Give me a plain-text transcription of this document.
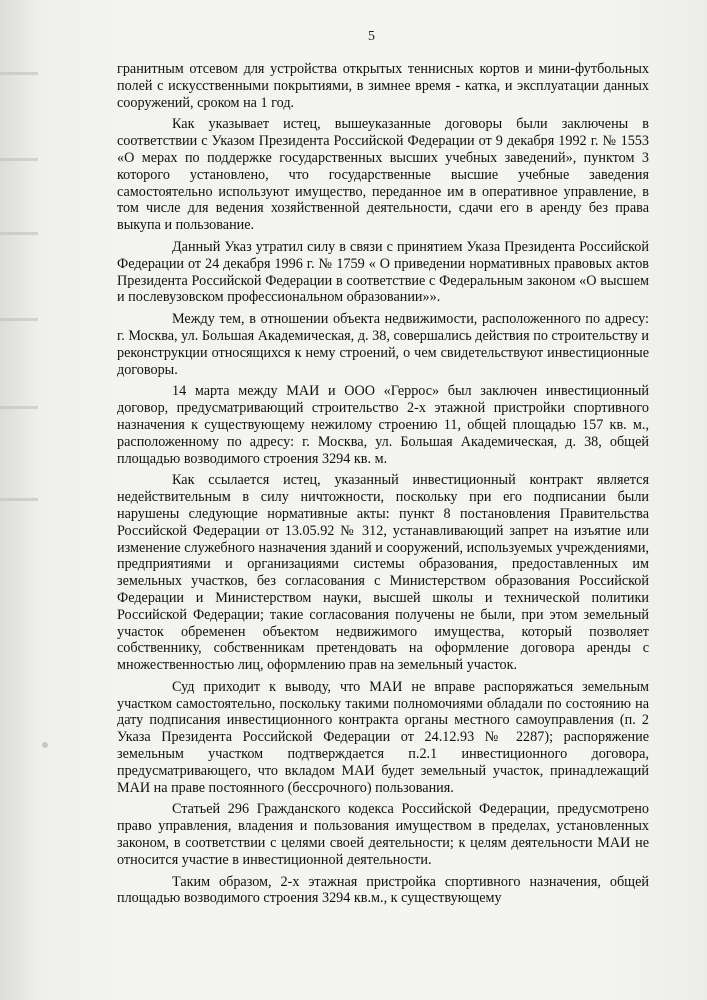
5

гранитным отсевом для устройства открытых теннисных кортов и мини-футбольных полей с искусственными покрытиями, в зимнее время - катка, и эксплуатации данных сооружений, сроком на 1 год.

Как указывает истец, вышеуказанные договоры были заключены в соответствии с Указом Президента Российской Федерации от 9 декабря 1992 г. № 1553 «О мерах по поддержке государственных высших учебных заведений», пунктом 3 которого установлено, что государственные высшие учебные заведения самостоятельно используют имущество, переданное им в оперативное управление, в том числе для ведения хозяйственной деятельности, сдачи его в аренду без права выкупа и пользование.

Данный Указ утратил силу в связи с принятием Указа Президента Российской Федерации от 24 декабря 1996 г. № 1759 « О приведении нормативных правовых актов Президента Российской Федерации в соответствие с Федеральным законом «О высшем и послевузовском профессиональном образовании»».

Между тем, в отношении объекта недвижимости, расположенного по адресу: г. Москва, ул. Большая Академическая, д. 38, совершались действия по строительству и реконструкции относящихся к нему строений, о чем свидетельствуют инвестиционные договоры.

14 марта между МАИ и ООО «Геррос» был заключен инвестиционный договор, предусматривающий строительство 2-х этажной пристройки спортивного назначения к существующему нежилому строению 11, общей площадью 157 кв. м., расположенному по адресу: г. Москва, ул. Большая Академическая, д. 38, общей площадью возводимого строения 3294 кв. м.

Как ссылается истец, указанный инвестиционный контракт является недействительным в силу ничтожности, поскольку при его подписании были нарушены следующие нормативные акты: пункт 8 постановления Правительства Российской Федерации от 13.05.92 № 312, устанавливающий запрет на изъятие или изменение служебного назначения зданий и сооружений, используемых учреждениями, предприятиями и организациями системы образования, предоставленных им земельных участков, без согласования с Министерством образования Российской Федерации и Министерством науки, высшей школы и технической политики Российской Федерации; такие согласования получены не были, при этом земельный участок обременен объектом недвижимого имущества, который позволяет собственнику, собственникам претендовать на оформление договора аренды с множественностью лиц, оформлению прав на земельный участок.

Суд приходит к выводу, что МАИ не вправе распоряжаться земельным участком самостоятельно, поскольку такими полномочиями обладали по состоянию на дату подписания инвестиционного контракта органы местного самоуправления (п. 2 Указа Президента Российской Федерации от 24.12.93 № 2287); распоряжение земельным участком подтверждается п.2.1 инвестиционного договора, предусматривающего, что вкладом МАИ будет земельный участок, принадлежащий МАИ на праве постоянного (бессрочного) пользования.

Статьей 296 Гражданского кодекса Российской Федерации, предусмотрено право управления, владения и пользования имуществом в пределах, установленных законом, в соответствии с целями своей деятельности; к целям деятельности МАИ не относится участие в инвестиционной деятельности.

Таким образом, 2-х этажная пристройка спортивного назначения, общей площадью возводимого строения 3294 кв.м., к существующему
